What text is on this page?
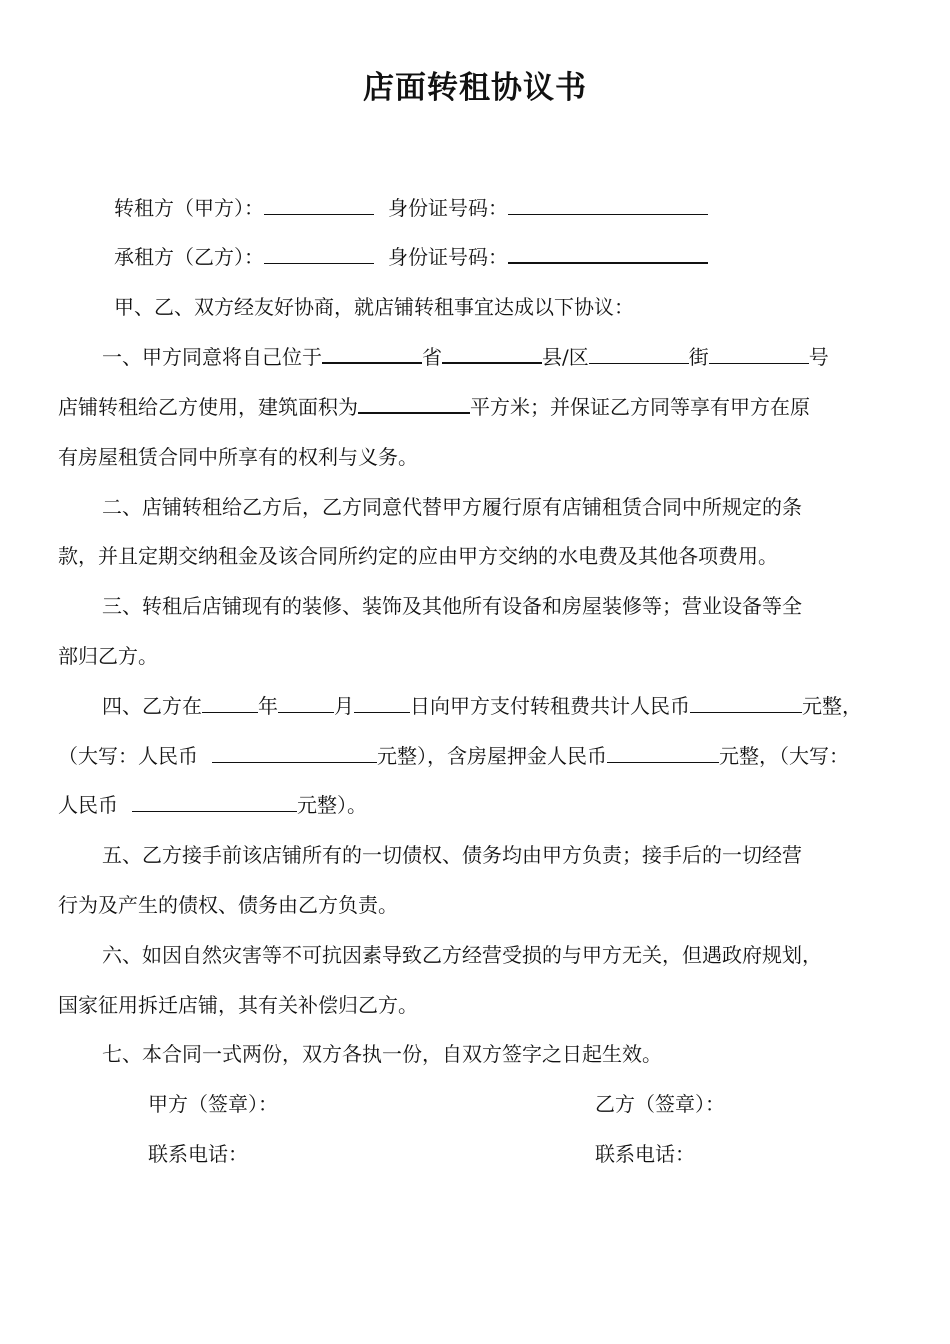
店面转租协议书
转租方（甲方）：	身份证号码：
承租方（乙方）：	身份证号码：
甲、乙、双方经友好协商，就店铺转租事宜达成以下协议：
一、甲方同意将自己位于	省	县/区	街	号
店铺转租给乙方使用，建筑面积为	平方米；并保证乙方同等享有甲方在原
有房屋租赁合同中所享有的权利与义务。
二、店铺转租给乙方后，乙方同意代替甲方履行原有店铺租赁合同中所规定的条
款，并且定期交纳租金及该合同所约定的应由甲方交纳的水电费及其他各项费用。
三、转租后店铺现有的装修、装饰及其他所有设备和房屋装修等；营业设备等全
部归乙方。
四、乙方在	年	月	日向甲方支付转租费共计人民币	元整，
（大写：人民币	元整），含房屋押金人民币	元整，（大写：
人民币	元整）。
五、乙方接手前该店铺所有的一切债权、债务均由甲方负责；接手后的一切经营
行为及产生的债权、债务由乙方负责。
六、如因自然灾害等不可抗因素导致乙方经营受损的与甲方无关，但遇政府规划，
国家征用拆迁店铺，其有关补偿归乙方。
七、本合同一式两份，双方各执一份，自双方签字之日起生效。
甲方（签章）：	乙方（签章）：
联系电话：	联系电话：
